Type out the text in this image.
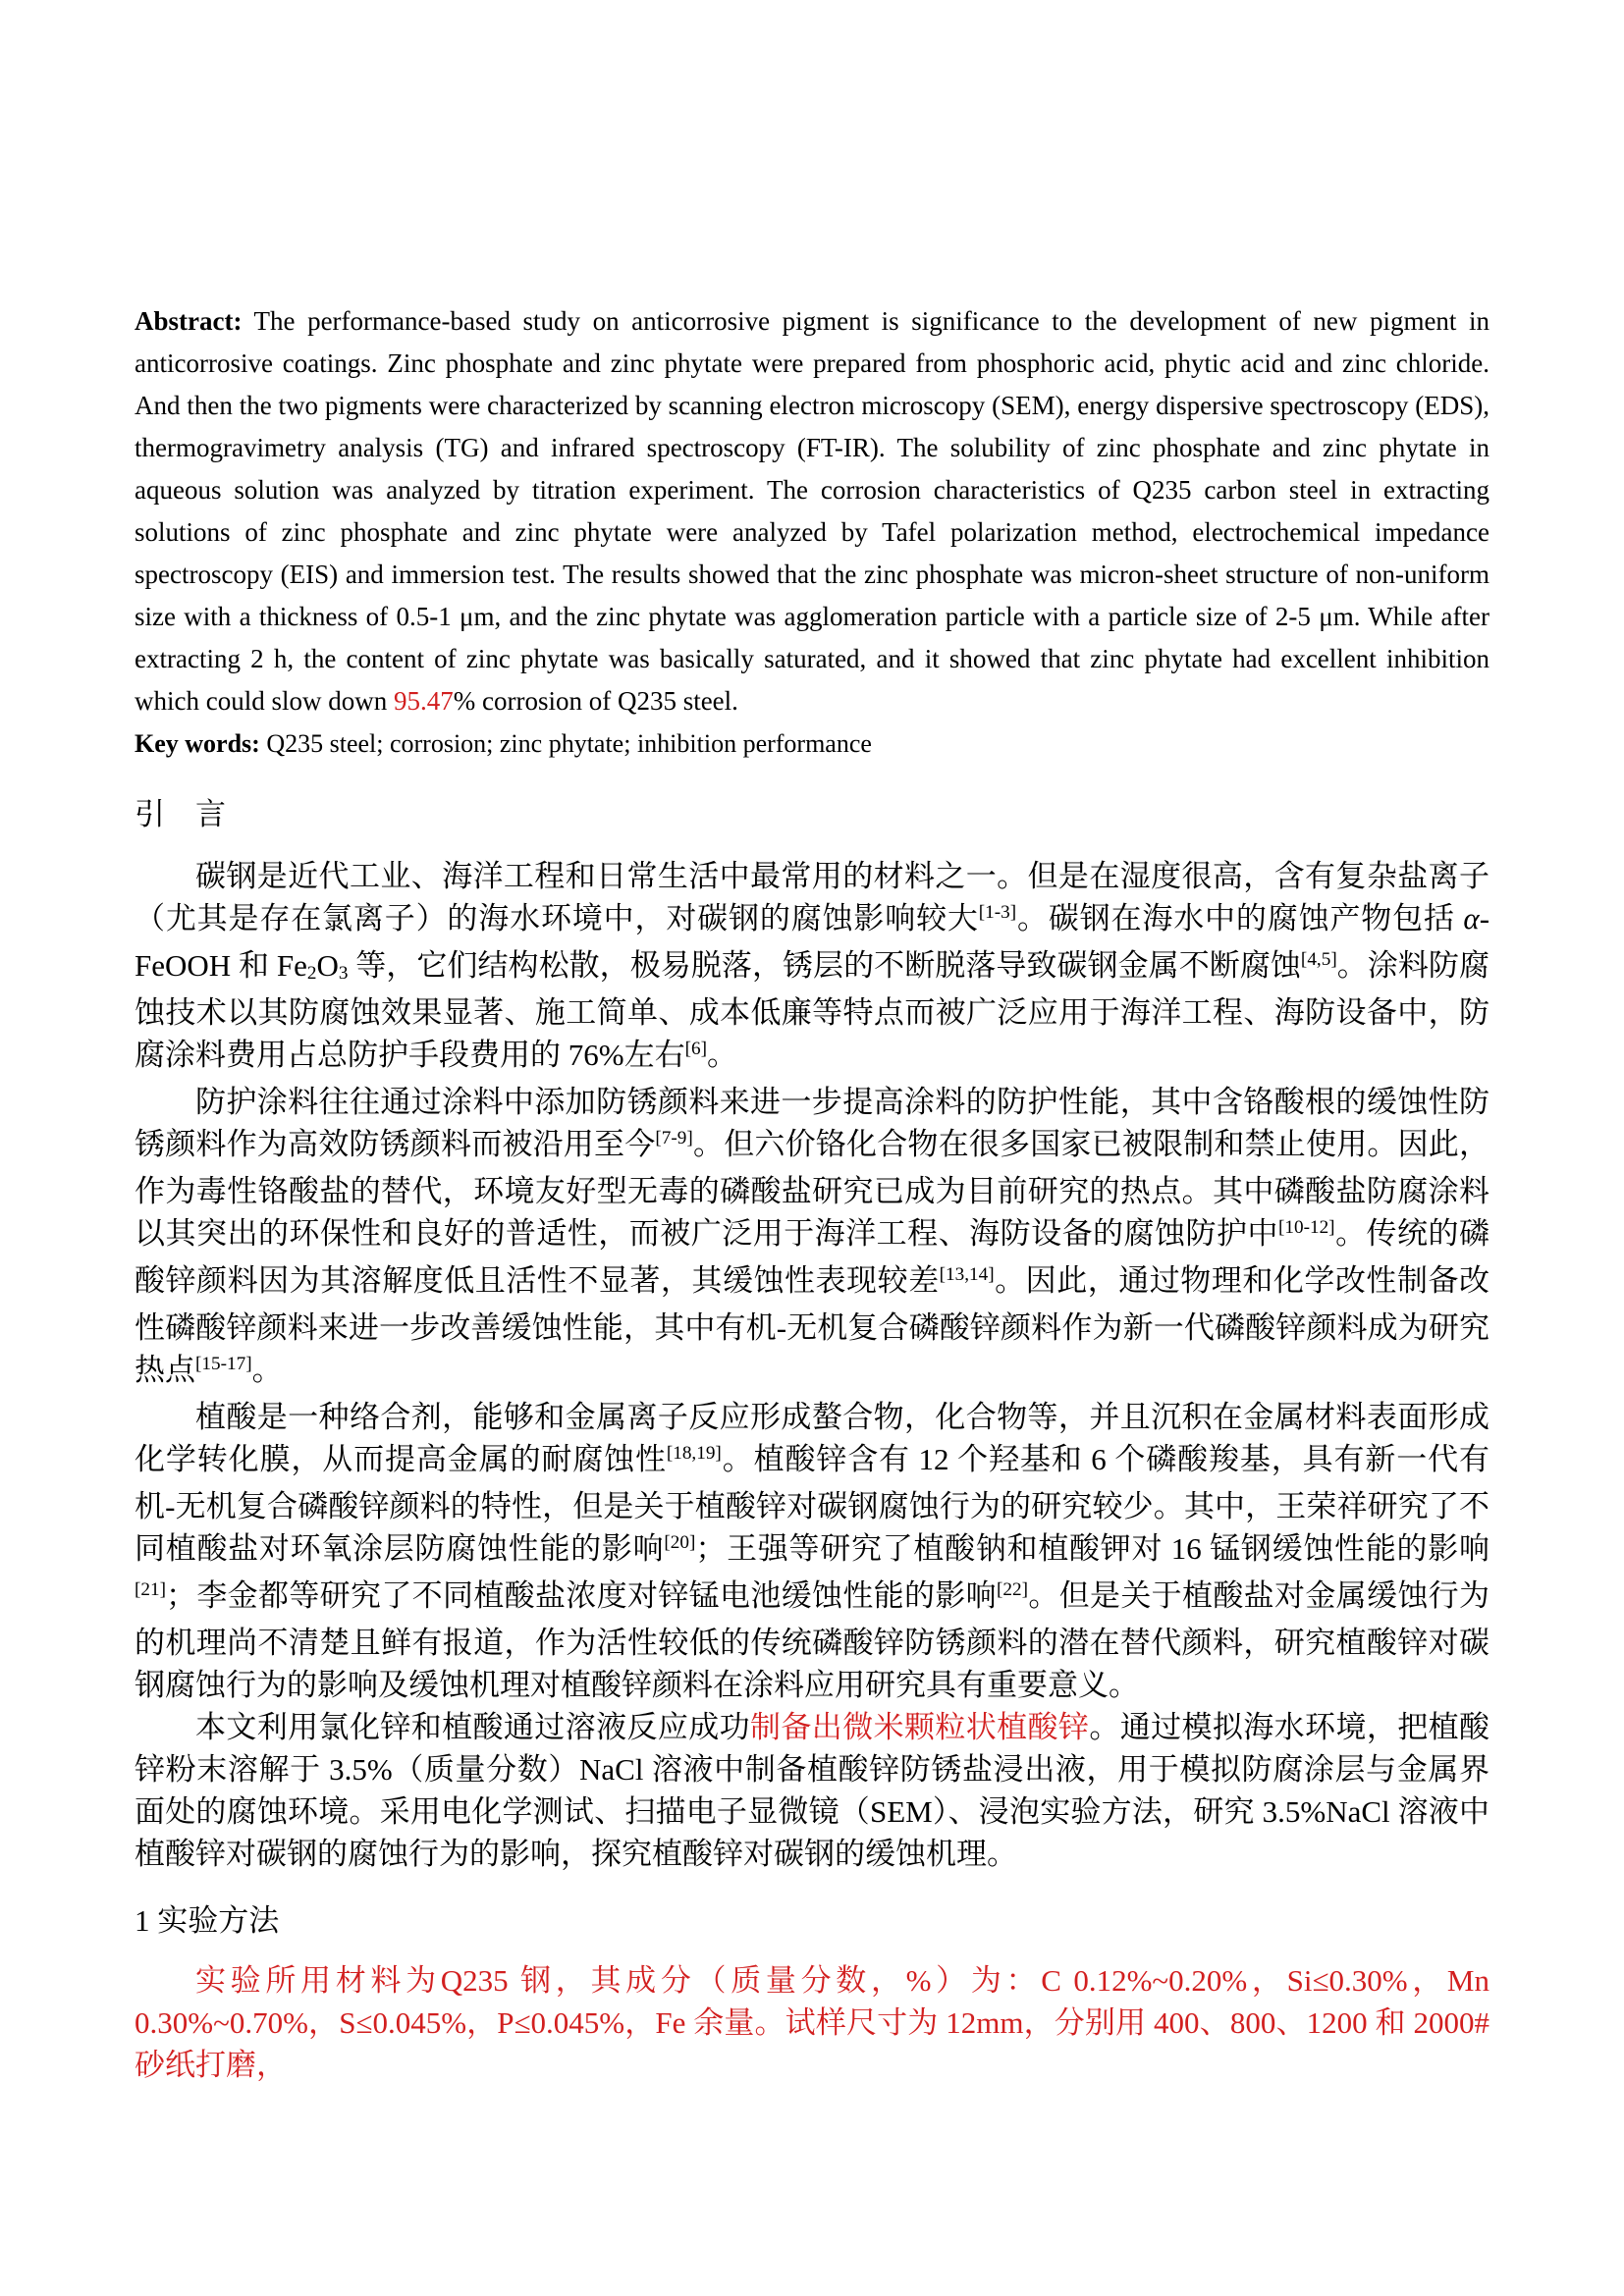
Abstract: The performance-based study on anticorrosive pigment is significance to the development of new pigment in anticorrosive coatings. Zinc phosphate and zinc phytate were prepared from phosphoric acid, phytic acid and zinc chloride. And then the two pigments were characterized by scanning electron microscopy (SEM), energy dispersive spectroscopy (EDS), thermogravimetry analysis (TG) and infrared spectroscopy (FT-IR). The solubility of zinc phosphate and zinc phytate in aqueous solution was analyzed by titration experiment. The corrosion characteristics of Q235 carbon steel in extracting solutions of zinc phosphate and zinc phytate were analyzed by Tafel polarization method, electrochemical impedance spectroscopy (EIS) and immersion test. The results showed that the zinc phosphate was micron-sheet structure of non-uniform size with a thickness of 0.5-1 μm, and the zinc phytate was agglomeration particle with a particle size of 2-5 μm. While after extracting 2 h, the content of zinc phytate was basically saturated, and it showed that zinc phytate had excellent inhibition which could slow down 95.47% corrosion of Q235 steel.

Key words: Q235 steel; corrosion; zinc phytate; inhibition performance

引　言

碳钢是近代工业、海洋工程和日常生活中最常用的材料之一。但是在湿度很高，含有复杂盐离子（尤其是存在氯离子）的海水环境中，对碳钢的腐蚀影响较大[1-3]。碳钢在海水中的腐蚀产物包括 α-FeOOH 和 Fe2O3 等，它们结构松散，极易脱落，锈层的不断脱落导致碳钢金属不断腐蚀[4,5]。涂料防腐蚀技术以其防腐蚀效果显著、施工简单、成本低廉等特点而被广泛应用于海洋工程、海防设备中，防腐涂料费用占总防护手段费用的 76%左右[6]。

防护涂料往往通过涂料中添加防锈颜料来进一步提高涂料的防护性能，其中含铬酸根的缓蚀性防锈颜料作为高效防锈颜料而被沿用至今[7-9]。但六价铬化合物在很多国家已被限制和禁止使用。因此，作为毒性铬酸盐的替代，环境友好型无毒的磷酸盐研究已成为目前研究的热点。其中磷酸盐防腐涂料以其突出的环保性和良好的普适性，而被广泛用于海洋工程、海防设备的腐蚀防护中[10-12]。传统的磷酸锌颜料因为其溶解度低且活性不显著，其缓蚀性表现较差[13,14]。因此，通过物理和化学改性制备改性磷酸锌颜料来进一步改善缓蚀性能，其中有机-无机复合磷酸锌颜料作为新一代磷酸锌颜料成为研究热点[15-17]。

植酸是一种络合剂，能够和金属离子反应形成螯合物，化合物等，并且沉积在金属材料表面形成化学转化膜，从而提高金属的耐腐蚀性[18,19]。植酸锌含有 12 个羟基和 6 个磷酸羧基，具有新一代有机-无机复合磷酸锌颜料的特性，但是关于植酸锌对碳钢腐蚀行为的研究较少。其中，王荣祥研究了不同植酸盐对环氧涂层防腐蚀性能的影响[20]；王强等研究了植酸钠和植酸钾对 16 锰钢缓蚀性能的影响[21]；李金都等研究了不同植酸盐浓度对锌锰电池缓蚀性能的影响[22]。但是关于植酸盐对金属缓蚀行为的机理尚不清楚且鲜有报道，作为活性较低的传统磷酸锌防锈颜料的潜在替代颜料，研究植酸锌对碳钢腐蚀行为的影响及缓蚀机理对植酸锌颜料在涂料应用研究具有重要意义。

本文利用氯化锌和植酸通过溶液反应成功制备出微米颗粒状植酸锌。通过模拟海水环境，把植酸锌粉末溶解于 3.5%（质量分数）NaCl 溶液中制备植酸锌防锈盐浸出液，用于模拟防腐涂层与金属界面处的腐蚀环境。采用电化学测试、扫描电子显微镜（SEM）、浸泡实验方法，研究 3.5%NaCl 溶液中植酸锌对碳钢的腐蚀行为的影响，探究植酸锌对碳钢的缓蚀机理。

1 实验方法

实验所用材料为Q235 钢，其成分（质量分数，%）为：C 0.12%~0.20%，Si≤0.30%，Mn 0.30%~0.70%，S≤0.045%，P≤0.045%，Fe 余量。试样尺寸为 12mm，分别用 400、800、1200 和 2000#砂纸打磨，
